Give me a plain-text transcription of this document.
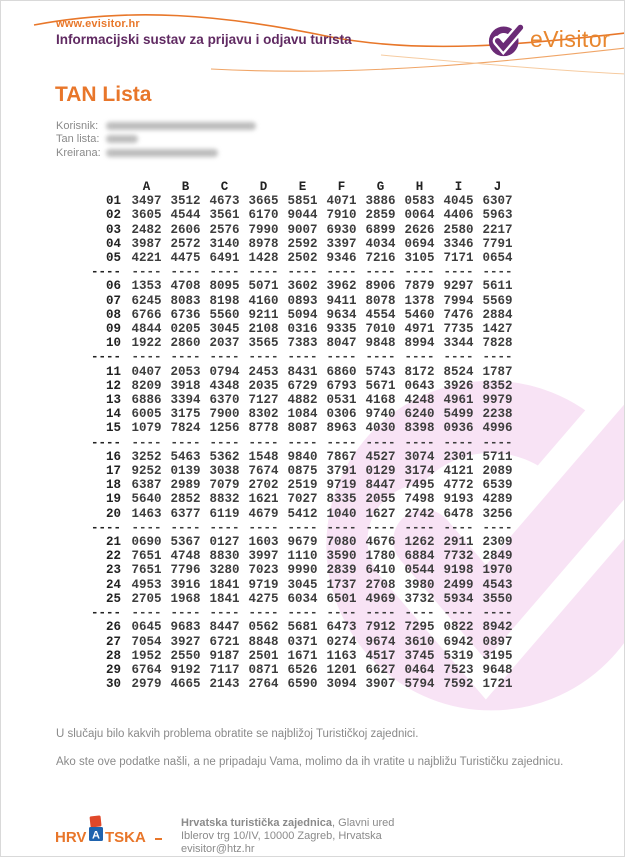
www.evisitor.hr
Informacijski sustav za prijavu i odjavu turista	eVisitor
TAN Lista
Korisnik:
Tan lista:
Kreirana:
	A	B	C	D	E	F	G	H	I	J
01	3497	3512	4673	3665	5851	4071	3886	0583	4045	6307
02	3605	4544	3561	6170	9044	7910	2859	0064	4406	5963
03	2482	2606	2576	7990	9007	6930	6899	2626	2580	2217
04	3987	2572	3140	8978	2592	3397	4034	0694	3346	7791
05	4221	4475	6491	1428	2502	9346	7216	3105	7171	0654
----	----	----	----	----	----	----	----	----	----	----
06	1353	4708	8095	5071	3602	3962	8906	7879	9297	5611
07	6245	8083	8198	4160	0893	9411	8078	1378	7994	5569
08	6766	6736	5560	9211	5094	9634	4554	5460	7476	2884
09	4844	0205	3045	2108	0316	9335	7010	4971	7735	1427
10	1922	2860	2037	3565	7383	8047	9848	8994	3344	7828
----	----	----	----	----	----	----	----	----	----	----
11	0407	2053	0794	2453	8431	6860	5743	8172	8524	1787
12	8209	3918	4348	2035	6729	6793	5671	0643	3926	8352
13	6886	3394	6370	7127	4882	0531	4168	4248	4961	9979
14	6005	3175	7900	8302	1084	0306	9740	6240	5499	2238
15	1079	7824	1256	8778	8087	8963	4030	8398	0936	4996
----	----	----	----	----	----	----	----	----	----	----
16	3252	5463	5362	1548	9840	7867	4527	3074	2301	5711
17	9252	0139	3038	7674	0875	3791	0129	3174	4121	2089
18	6387	2989	7079	2702	2519	9719	8447	7495	4772	6539
19	5640	2852	8832	1621	7027	8335	2055	7498	9193	4289
20	1463	6377	6119	4679	5412	1040	1627	2742	6478	3256
----	----	----	----	----	----	----	----	----	----	----
21	0690	5367	0127	1603	9679	7080	4676	1262	2911	2309
22	7651	4748	8830	3997	1110	3590	1780	6884	7732	2849
23	7651	7796	3280	7023	9990	2839	6410	0544	9198	1970
24	4953	3916	1841	9719	3045	1737	2708	3980	2499	4543
25	2705	1968	1841	4275	6034	6501	4969	3732	5934	3550
----	----	----	----	----	----	----	----	----	----	----
26	0645	9683	8447	0562	5681	6473	7912	7295	0822	8942
27	7054	3927	6721	8848	0371	0274	9674	3610	6942	0897
28	1952	2550	9187	2501	1671	1163	4517	3745	5319	3195
29	6764	9192	7117	0871	6526	1201	6627	0464	7523	9648
30	2979	4665	2143	2764	6590	3094	3907	5794	7592	1721
U slučaju bilo kakvih problema obratite se najbližoj Turističkoj zajednici.
Ako ste ove podatke našli, a ne pripadaju Vama, molimo da ih vratite u najbližu Turističku zajednicu.
HRV A TSKA
Hrvatska turistička zajednica, Glavni ured
Iblerov trg 10/IV, 10000 Zagreb, Hrvatska
evisitor@htz.hr
